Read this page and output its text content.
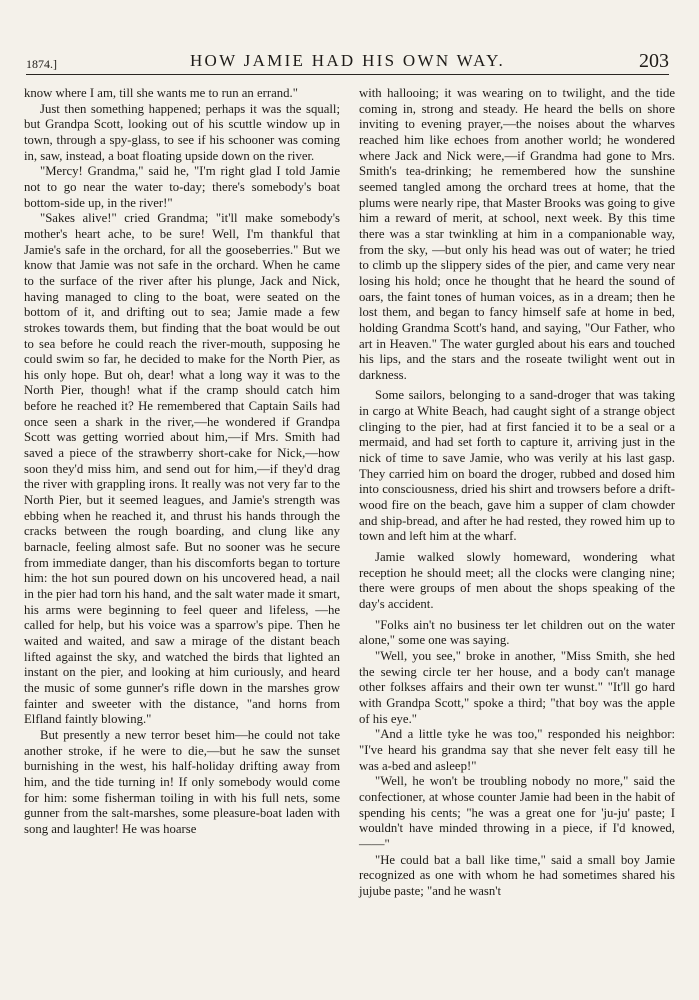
1874.]	HOW JAMIE HAD HIS OWN WAY.	203

know where I am, till she wants me to run an errand."

Just then something happened; perhaps it was the squall; but Grandpa Scott, looking out of his scuttle window up in town, through a spy-glass, to see if his schooner was coming in, saw, instead, a boat floating upside down on the river.

"Mercy! Grandma," said he, "I'm right glad I told Jamie not to go near the water to-day; there's somebody's boat bottom-side up, in the river!"

"Sakes alive!" cried Grandma; "it'll make somebody's mother's heart ache, to be sure! Well, I'm thankful that Jamie's safe in the orchard, for all the gooseberries." But we know that Jamie was not safe in the orchard. When he came to the surface of the river after his plunge, Jack and Nick, having managed to cling to the boat, were seated on the bottom of it, and drifting out to sea; Jamie made a few strokes towards them, but finding that the boat would be out to sea before he could reach the river-mouth, supposing he could swim so far, he decided to make for the North Pier, as his only hope. But oh, dear! what a long way it was to the North Pier, though! what if the cramp should catch him before he reached it? He remembered that Captain Sails had once seen a shark in the river,—he wondered if Grandpa Scott was getting worried about him,—if Mrs. Smith had saved a piece of the strawberry short-cake for Nick,—how soon they'd miss him, and send out for him,—if they'd drag the river with grappling irons. It really was not very far to the North Pier, but it seemed leagues, and Jamie's strength was ebbing when he reached it, and thrust his hands through the cracks between the rough boarding, and clung like any barnacle, feeling almost safe. But no sooner was he secure from immediate danger, than his discomforts began to torture him: the hot sun poured down on his uncovered head, a nail in the pier had torn his hand, and the salt water made it smart, his arms were beginning to feel queer and lifeless, —he called for help, but his voice was a sparrow's pipe. Then he waited and waited, and saw a mirage of the distant beach lifted against the sky, and watched the birds that lighted an instant on the pier, and looking at him curiously, and heard the music of some gunner's rifle down in the marshes grow fainter and sweeter with the distance, "and horns from Elfland faintly blowing."

But presently a new terror beset him—he could not take another stroke, if he were to die,—but he saw the sunset burnishing in the west, his half-holiday drifting away from him, and the tide turning in! If only somebody would come for him: some fisherman toiling in with his full nets, some gunner from the salt-marshes, some pleasure-boat laden with song and laughter! He was hoarse

with hallooing; it was wearing on to twilight, and the tide coming in, strong and steady. He heard the bells on shore inviting to evening prayer,—the noises about the wharves reached him like echoes from another world; he wondered where Jack and Nick were,—if Grandma had gone to Mrs. Smith's tea-drinking; he remembered how the sunshine seemed tangled among the orchard trees at home, that the plums were nearly ripe, that Master Brooks was going to give him a reward of merit, at school, next week. By this time there was a star twinkling at him in a companionable way, from the sky, —but only his head was out of water; he tried to climb up the slippery sides of the pier, and came very near losing his hold; once he thought that he heard the sound of oars, the faint tones of human voices, as in a dream; then he lost them, and began to fancy himself safe at home in bed, holding Grandma Scott's hand, and saying, "Our Father, who art in Heaven." The water gurgled about his ears and touched his lips, and the stars and the roseate twilight went out in darkness.

Some sailors, belonging to a sand-droger that was taking in cargo at White Beach, had caught sight of a strange object clinging to the pier, had at first fancied it to be a seal or a mermaid, and had set forth to capture it, arriving just in the nick of time to save Jamie, who was verily at his last gasp. They carried him on board the droger, rubbed and dosed him into consciousness, dried his shirt and trowsers before a drift-wood fire on the beach, gave him a supper of clam chowder and ship-bread, and after he had rested, they rowed him up to town and left him at the wharf.

Jamie walked slowly homeward, wondering what reception he should meet; all the clocks were clanging nine; there were groups of men about the shops speaking of the day's accident.

"Folks ain't no business ter let children out on the water alone," some one was saying.

"Well, you see," broke in another, "Miss Smith, she hed the sewing circle ter her house, and a body can't manage other folkses affairs and their own ter wunst." "It'll go hard with Grandpa Scott," spoke a third; "that boy was the apple of his eye."

"And a little tyke he was too," responded his neighbor: "I've heard his grandma say that she never felt easy till he was a-bed and asleep!"

"Well, he won't be troubling nobody no more," said the confectioner, at whose counter Jamie had been in the habit of spending his cents; "he was a great one for 'ju-ju' paste; I wouldn't have minded throwing in a piece, if I'd knowed,——"

"He could bat a ball like time," said a small boy Jamie recognized as one with whom he had sometimes shared his jujube paste; "and he wasn't
